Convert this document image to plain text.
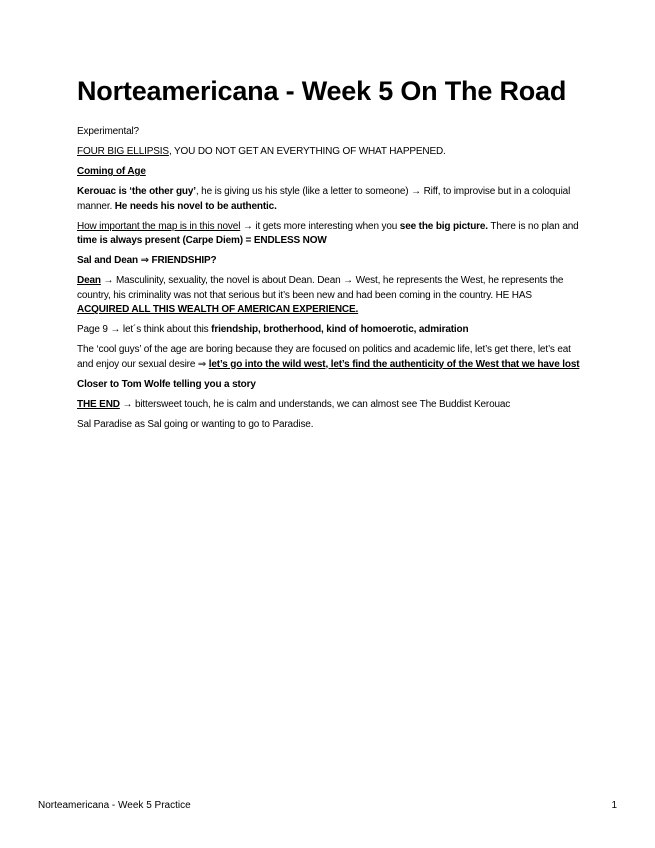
Norteamericana - Week 5 On The Road

Experimental?

FOUR BIG ELLIPSIS, YOU DO NOT GET AN EVERYTHING OF WHAT HAPPENED.

Coming of Age

Kerouac is ‘the other guy’, he is giving us his style (like a letter to someone) → Riff, to improvise but in a coloquial manner. He needs his novel to be authentic.

How important the map is in this novel → it gets more interesting when you see the big picture. There is no plan and time is always present (Carpe Diem) = ENDLESS NOW

Sal and Dean ⇒ FRIENDSHIP?

Dean → Masculinity, sexuality, the novel is about Dean. Dean → West, he represents the West, he represents the country, his criminality was not that serious but it’s been new and had been coming in the country. HE HAS ACQUIRED ALL THIS WEALTH OF AMERICAN EXPERIENCE.

Page 9 → let´s think about this friendship, brotherhood, kind of homoerotic, admiration

The ‘cool guys’ of the age are boring because they are focused on politics and academic life, let’s get there, let’s eat and enjoy our sexual desire ⇒ let’s go into the wild west, let’s find the authenticity of the West that we have lost

Closer to Tom Wolfe telling you a story

THE END → bittersweet touch, he is calm and understands, we can almost see The Buddist Kerouac

Sal Paradise as Sal going or wanting to go to Paradise.

Norteamericana - Week 5 Practice	1
